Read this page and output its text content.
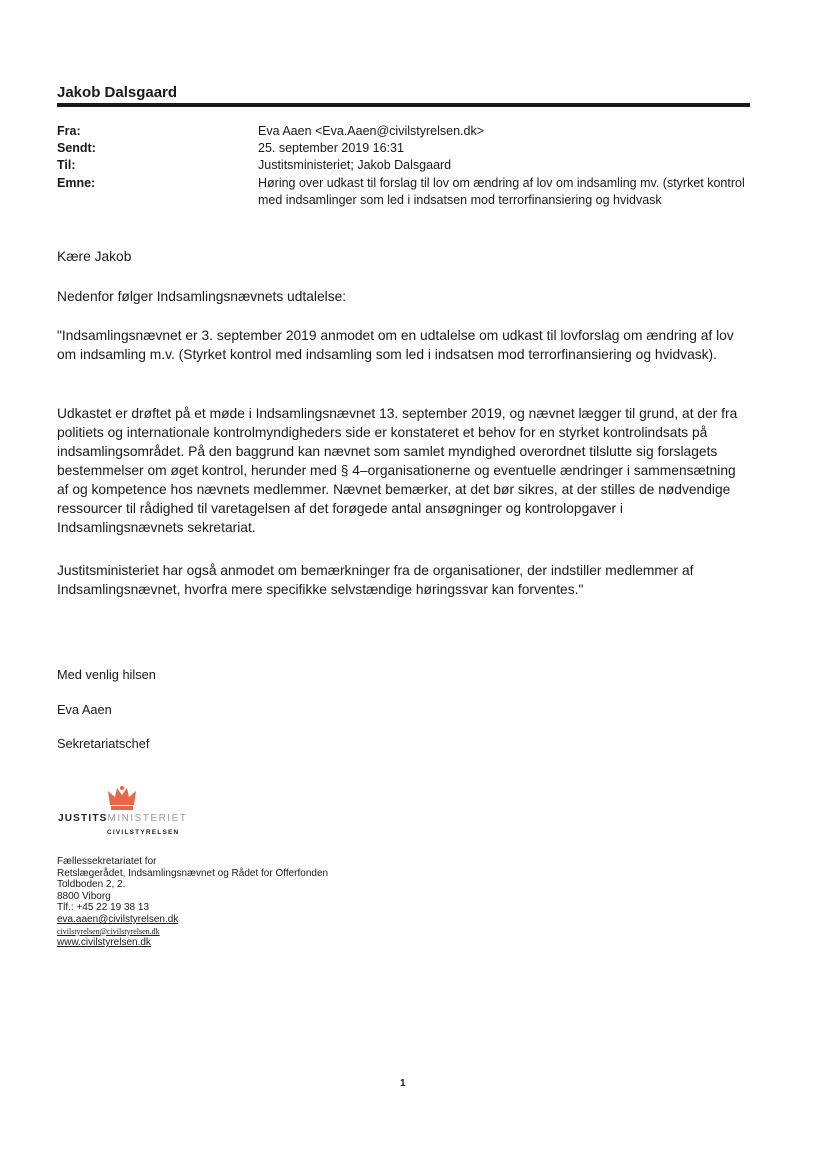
Jakob Dalsgaard
Fra:	Eva Aaen <Eva.Aaen@civilstyrelsen.dk>
Sendt:	25. september 2019 16:31
Til:	Justitsministeriet; Jakob Dalsgaard
Emne:	Høring over udkast til forslag til lov om ændring af lov om indsamling mv. (styrket kontrol med indsamlinger som led i indsatsen mod terrorfinansiering og hvidvask
Kære Jakob
Nedenfor følger Indsamlingsnævnets udtalelse:
"Indsamlingsnævnet er 3. september 2019 anmodet om en udtalelse om udkast til lovforslag om ændring af lov om indsamling m.v. (Styrket kontrol med indsamling som led i indsatsen mod terrorfinansiering og hvidvask).
Udkastet er drøftet på et møde i Indsamlingsnævnet 13. september 2019, og nævnet lægger til grund, at der fra politiets og internationale kontrolmyndigheders side er konstateret et behov for en styrket kontrolindsats på indsamlingsområdet. På den baggrund kan nævnet som samlet myndighed overordnet tilslutte sig forslagets bestemmelser om øget kontrol, herunder med § 4–organisationerne og eventuelle ændringer i sammensætning af og kompetence hos nævnets medlemmer. Nævnet bemærker, at det bør sikres, at der stilles de nødvendige ressourcer til rådighed til varetagelsen af det forøgede antal ansøgninger og kontrolopgaver i Indsamlingsnævnets sekretariat.
Justitsministeriet har også anmodet om bemærkninger fra de organisationer, der indstiller medlemmer af Indsamlingsnævnet, hvorfra mere specifikke selvstændige høringssvar kan forventes."
Med venlig hilsen
Eva Aaen
Sekretariatschef
JUSTITSMINISTERIET
CIVILSTYRELSEN
Fællessekretariatet for
Retslægerådet, Indsamlingsnævnet og Rådet for Offerfonden
Toldboden 2, 2.
8800 Viborg
Tlf.: +45 22 19 38 13
eva.aaen@civilstyrelsen.dk
civilstyrelsen@civilstyrelsen.dk
www.civilstyrelsen.dk
1
